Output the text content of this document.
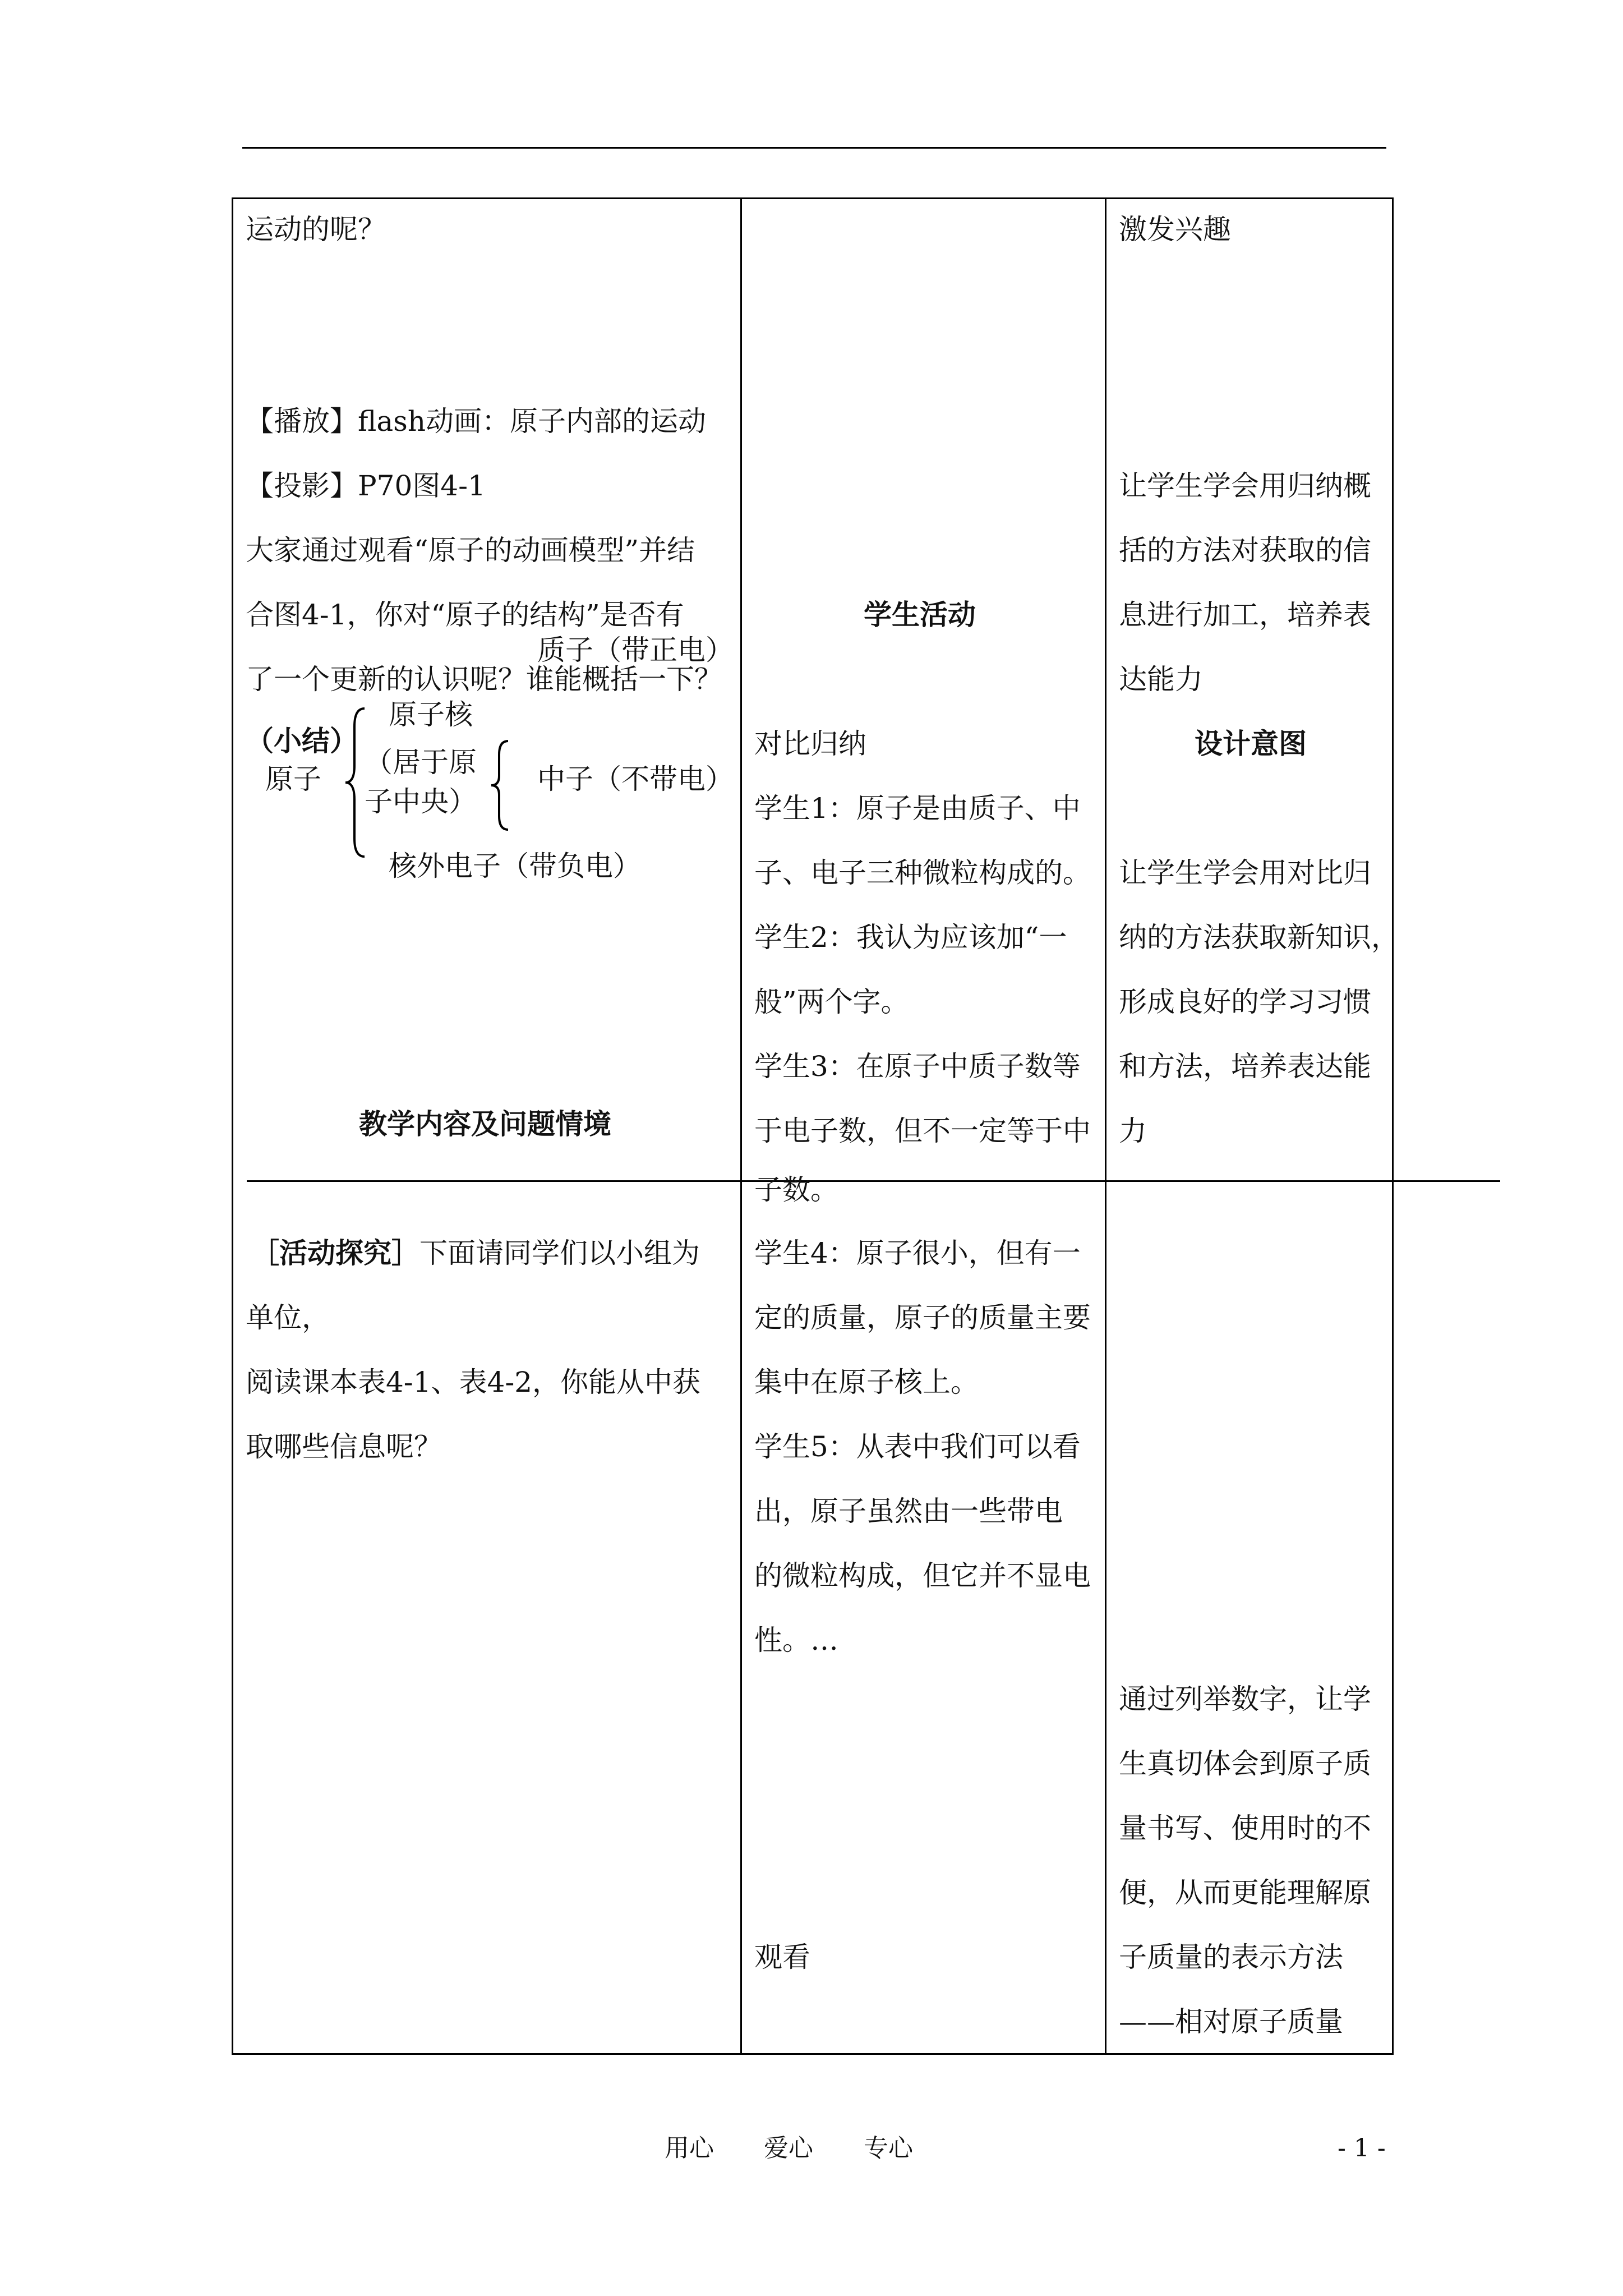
运动的呢？
【播放】flash动画：原子内部的运动
【投影】P70图4-1
大家通过观看“原子的动画模型”并结
合图4-1，你对“原子的结构”是否有
了一个更新的认识呢？谁能概括一下？
（小结）
原子
质子（带正电）
原子核
（居于原
子中央）
中子（不带电）
核外电子（带负电）
教学内容及问题情境
［活动探究］下面请同学们以小组为
单位，
阅读课本表4-1、表4-2，你能从中获
取哪些信息呢？
学生活动
对比归纳
学生1：原子是由质子、中
子、电子三种微粒构成的。
学生2：我认为应该加“一
般”两个字。
学生3：在原子中质子数等
于电子数，但不一定等于中
子数。
学生4：原子很小，但有一
定的质量，原子的质量主要
集中在原子核上。
学生5：从表中我们可以看
出，原子虽然由一些带电
的微粒构成，但它并不显电
性。…
观看
激发兴趣
让学生学会用归纳概
括的方法对获取的信
息进行加工，培养表
达能力
设计意图
让学生学会用对比归
纳的方法获取新知识，
形成良好的学习习惯
和方法，培养表达能
力
通过列举数字，让学
生真切体会到原子质
量书写、使用时的不
便，从而更能理解原
子质量的表示方法
——相对原子质量
用心 爱心 专心	- 1 -
